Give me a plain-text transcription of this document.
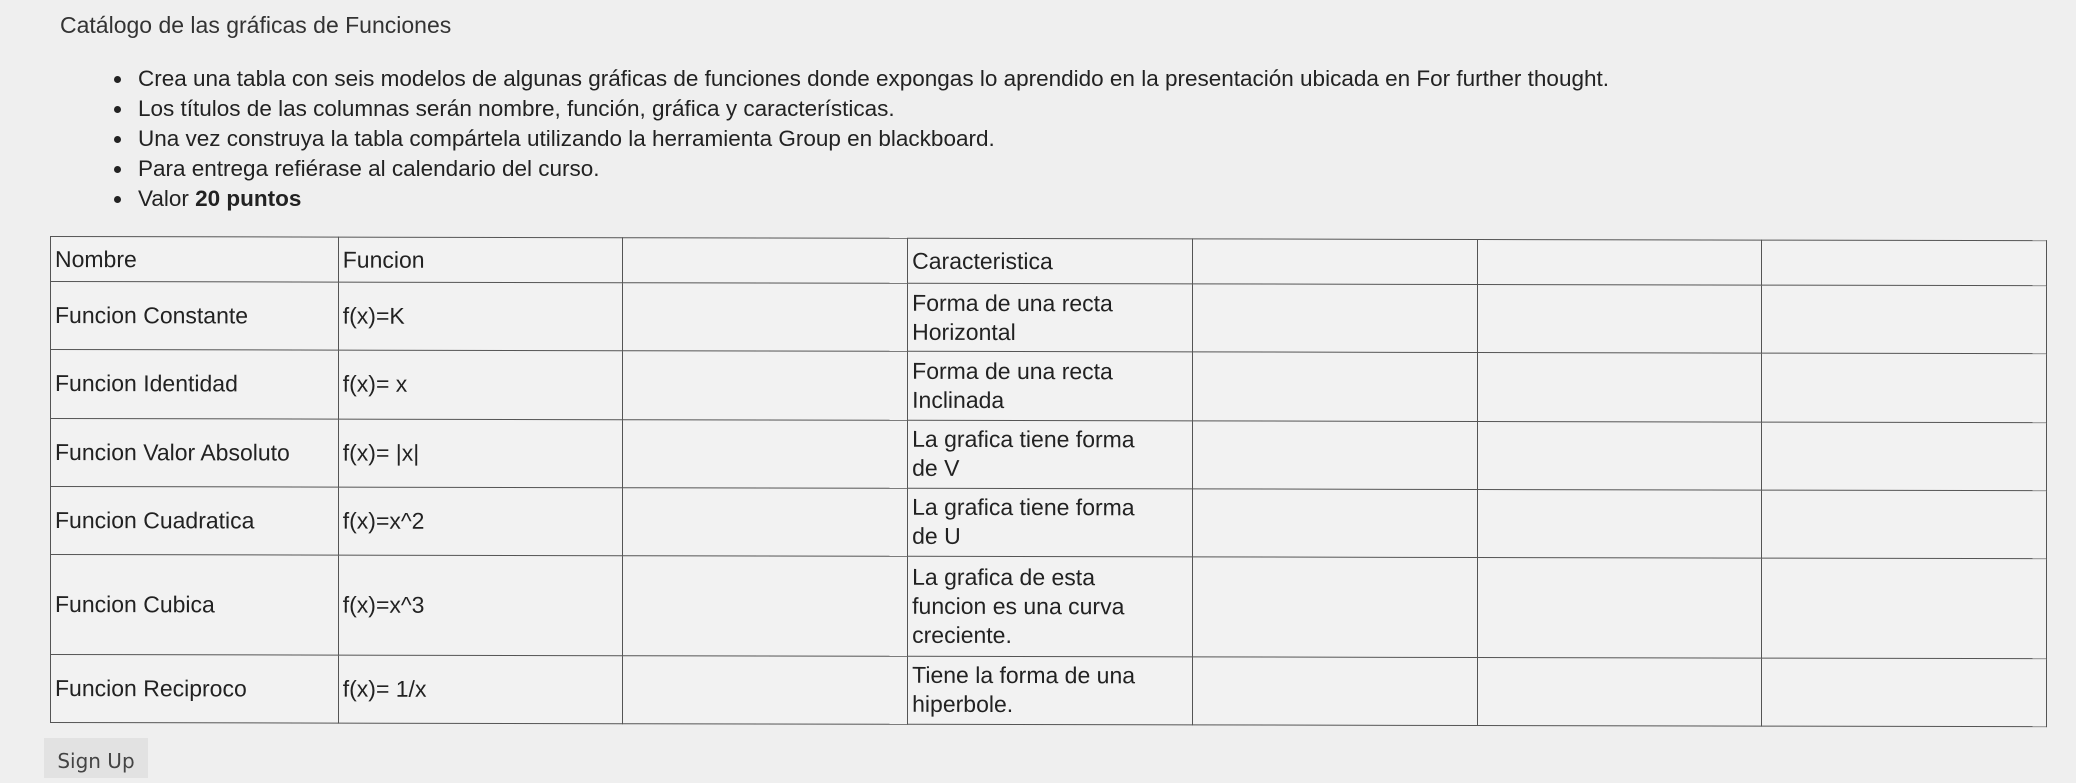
Catálogo de las gráficas de Funciones
• Crea una tabla con seis modelos de algunas gráficas de funciones donde expongas lo aprendido en la presentación ubicada en For further thought.
• Los títulos de las columnas serán nombre, función, gráfica y características.
• Una vez construya la tabla compártela utilizando la herramienta Group en blackboard.
• Para entrega refiérase al calendario del curso.
• Valor 20 puntos
Nombre	Funcion		Caracteristica			
Funcion Constante	f(x)=K		Forma de una recta
Horizontal			
Funcion Identidad	f(x)= x		Forma de una recta
Inclinada			
Funcion Valor Absoluto	f(x)= |x|		La grafica tiene forma
de V			
Funcion Cuadratica	f(x)=x^2		La grafica tiene forma
de U			
Funcion Cubica	f(x)=x^3		La grafica de esta
funcion es una curva
creciente.			
Funcion Reciproco	f(x)= 1/x		Tiene la forma de una
hiperbole.			
Sign Up
